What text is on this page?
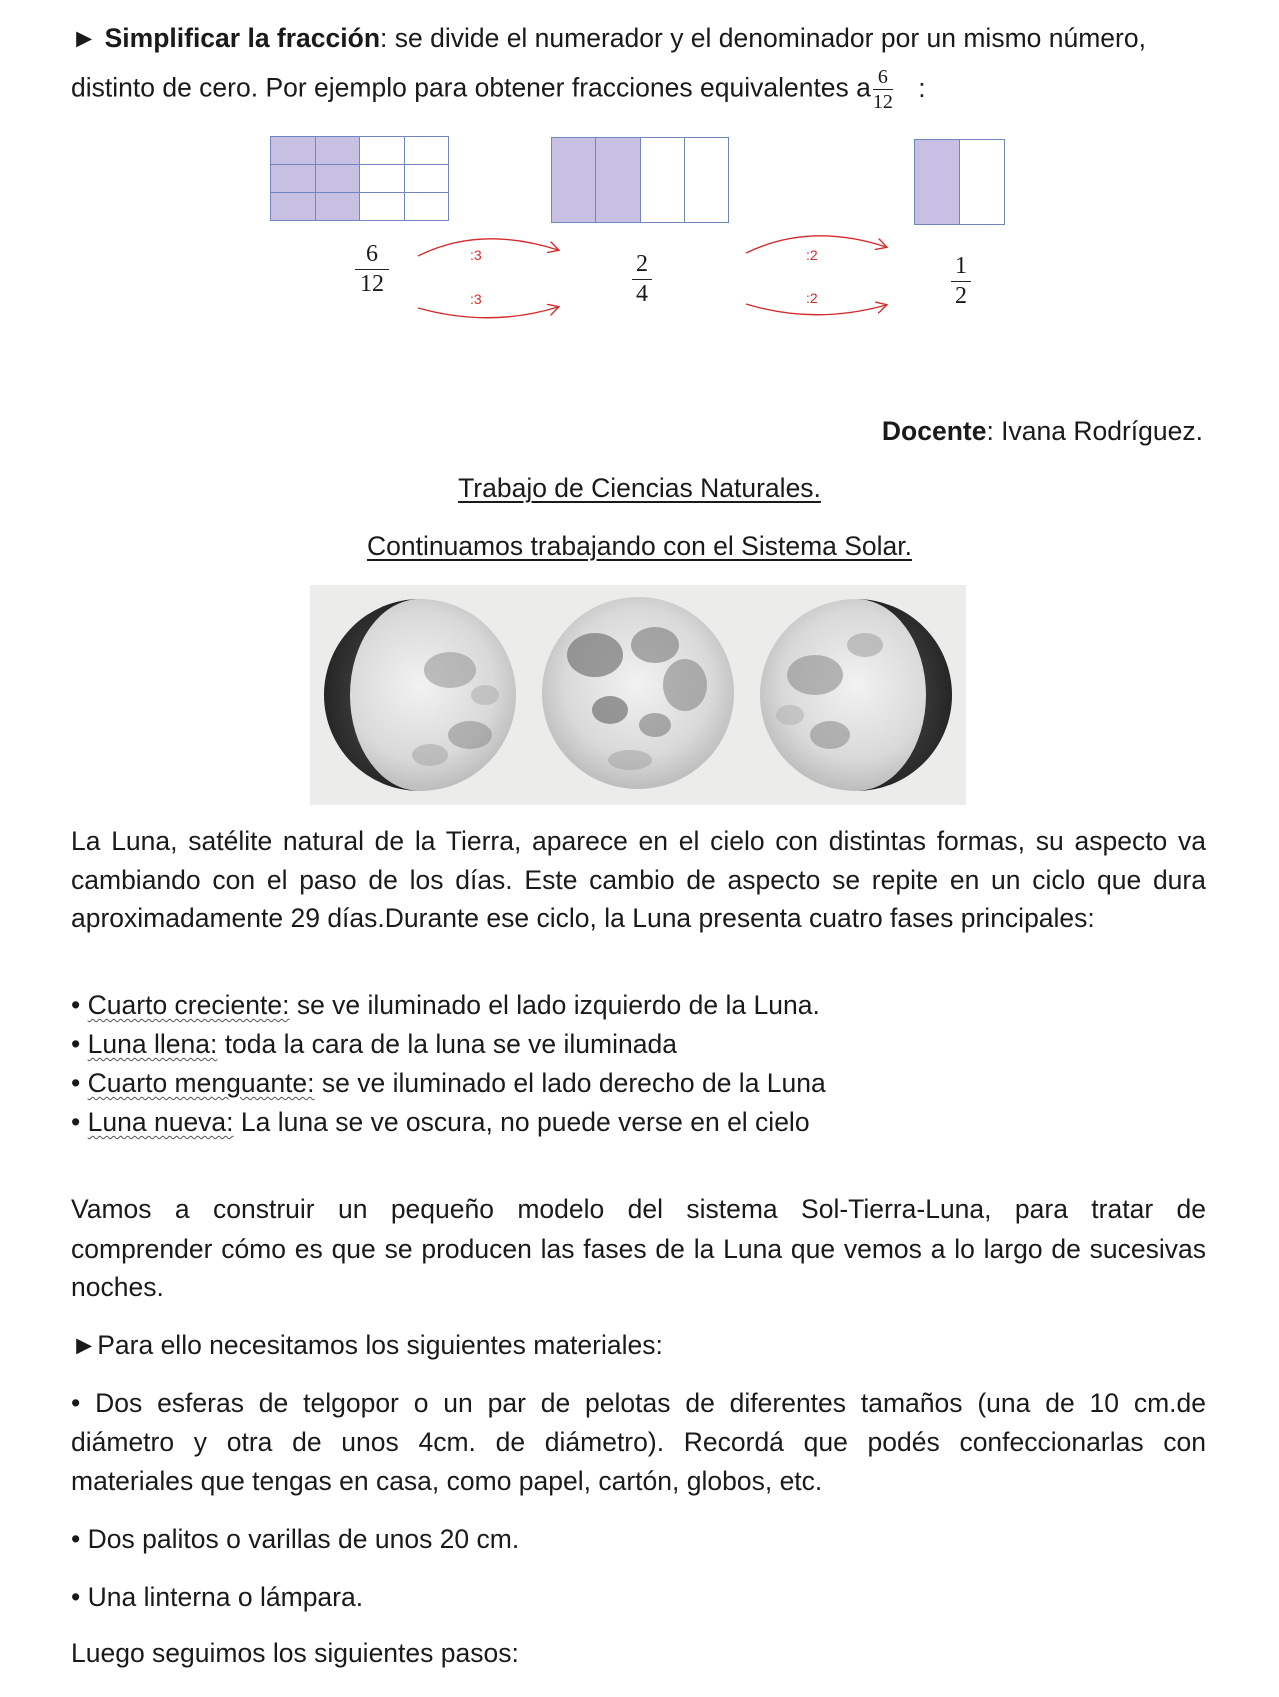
► Simplificar la fracción: se divide el numerador y el denominador por un mismo número,
distinto de cero. Por ejemplo para obtener fracciones equivalentes a $\frac{6}{12}$ :
6
12
2
4
1
2
:3
:3
:2
:2
Docente: Ivana Rodríguez.
Trabajo de Ciencias Naturales.
Continuamos trabajando con el Sistema Solar.
La Luna, satélite natural de la Tierra, aparece en el cielo con distintas formas, su aspecto va
cambiando con el paso de los días. Este cambio de aspecto se repite en un ciclo que dura
aproximadamente 29 días.Durante ese ciclo, la Luna presenta cuatro fases principales:
• Cuarto creciente: se ve iluminado el lado izquierdo de la Luna.
• Luna llena: toda la cara de la luna se ve iluminada
• Cuarto menguante: se ve iluminado el lado derecho de la Luna
• Luna nueva: La luna se ve oscura, no puede verse en el cielo
Vamos a construir un pequeño modelo del sistema Sol-Tierra-Luna, para tratar de
comprender cómo es que se producen las fases de la Luna que vemos a lo largo de sucesivas
noches.
►Para ello necesitamos los siguientes materiales:
• Dos esferas de telgopor o un par de pelotas de diferentes tamaños (una de 10 cm.de
diámetro y otra de unos 4cm. de diámetro). Recordá que podés confeccionarlas con
materiales que tengas en casa, como papel, cartón, globos, etc.
• Dos palitos o varillas de unos 20 cm.
• Una linterna o lámpara.
Luego seguimos los siguientes pasos:
